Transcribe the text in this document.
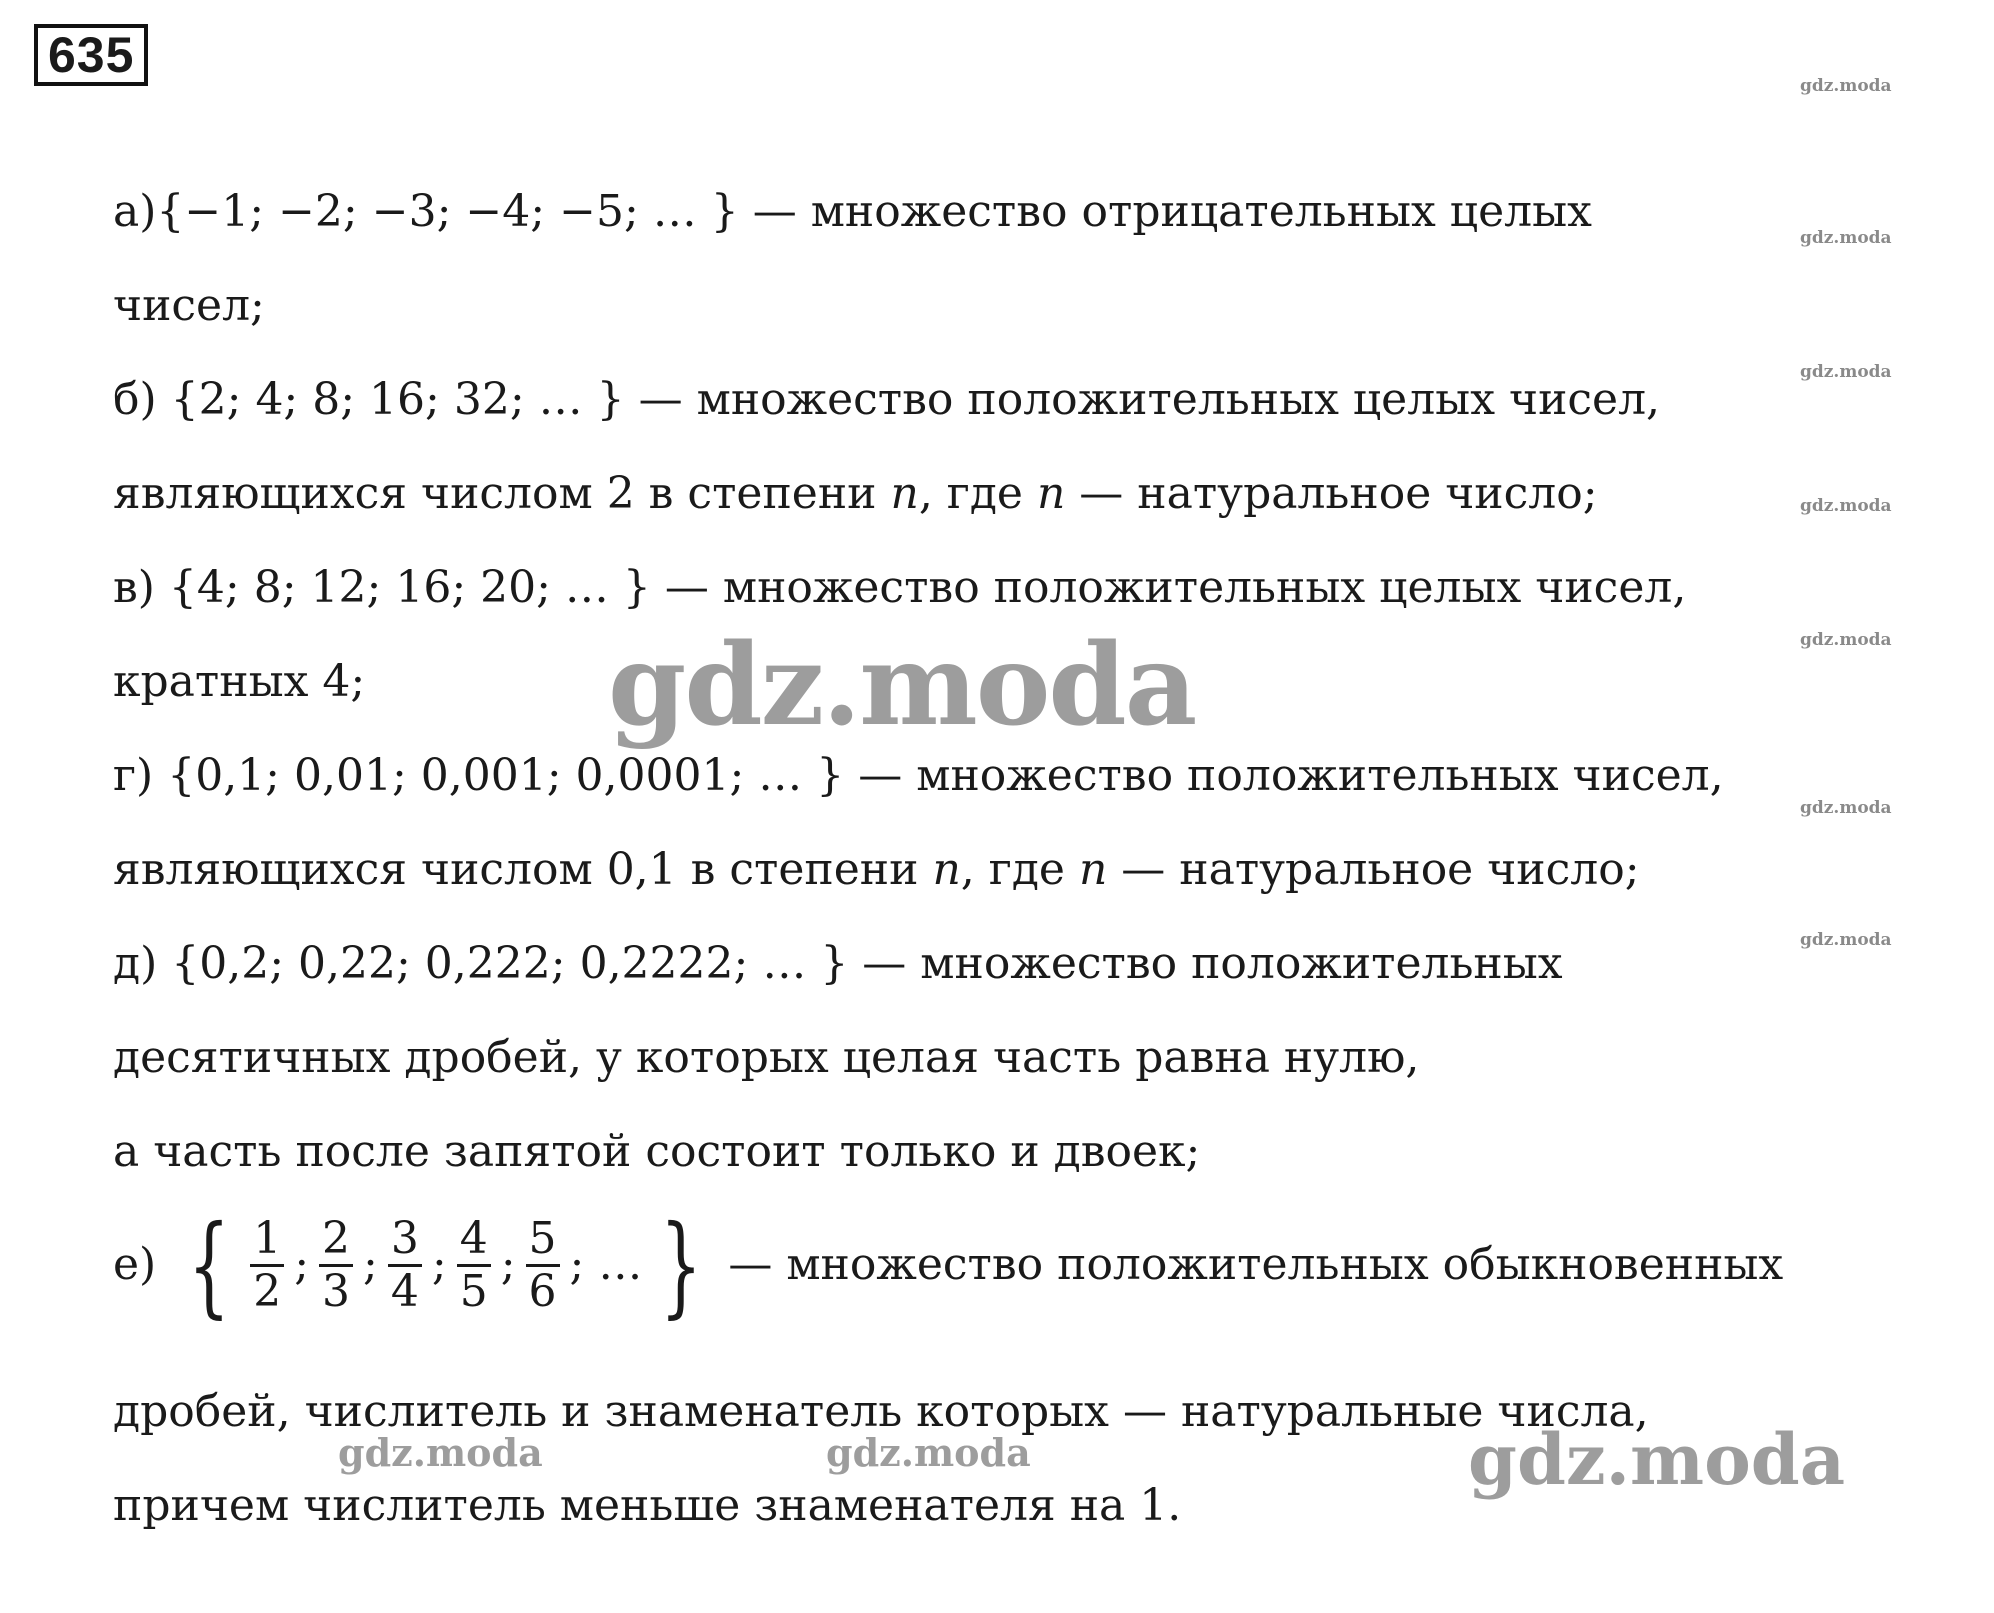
635
gdz.moda
gdz.moda
gdz.moda
gdz.moda
gdz.moda
gdz.moda
gdz.moda
а){−1; −2; −3; −4; −5; … } — множество отрицательных целых
чисел;
б) {2; 4; 8; 16; 32; … } — множество положительных целых чисел,
являющихся числом 2 в степени n, где n — натуральное число;
в) {4; 8; 12; 16; 20; … } — множество положительных целых чисел,
кратных 4; gdz.moda
г) {0,1; 0,01; 0,001; 0,0001; … } — множество положительных чисел,
являющихся числом 0,1 в степени n, где n — натуральное число;
д) {0,2; 0,22; 0,222; 0,2222; … } — множество положительных
десятичных дробей, у которых целая часть равна нулю,
а часть после запятой состоит только и двоек;
е) { $\frac{1}{2}$ ; $\frac{2}{3}$ ; $\frac{3}{4}$ ; $\frac{4}{5}$ ; $\frac{5}{6}$ ; … } — множество положительных обыкновенных
дробей, числитель и знаменатель которых — натуральные числа,
причем числитель меньше знаменателя на 1.
gdz.moda	gdz.moda	gdz.moda
